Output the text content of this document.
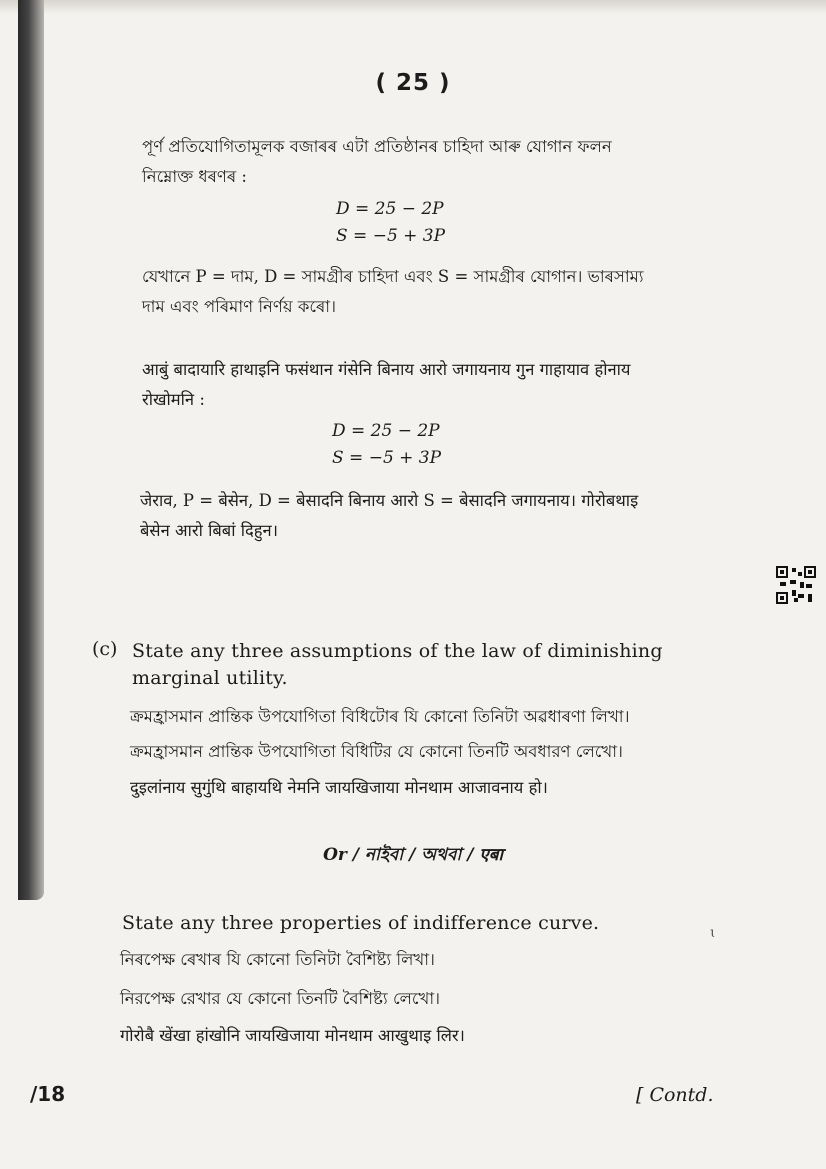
( 25 )
পূৰ্ণ প্ৰতিযোগিতামূলক বজাৰৰ এটা প্ৰতিষ্ঠানৰ চাহিদা আৰু যোগান ফলন
নিম্নোক্ত ধৰণৰ :
D = 25 − 2P
S = −5 + 3P
যেখানে P = দাম, D = সামগ্ৰীৰ চাহিদা এবং S = সামগ্ৰীৰ যোগান। ভাৰসাম্য
দাম এবং পৰিমাণ নিৰ্ণয় কৰো।
आबुं बादायारि हाथाइनि फसंथान गंसेनि बिनाय आरो जगायनाय गुन गाहायाव होनाय
रोखोमनि :
D = 25 − 2P
S = −5 + 3P
जेराव, P = बेसेन, D = बेसादनि बिनाय आरो S = बेसादनि जगायनाय। गोरोबथाइ
बेसेन आरो बिबां दिहुन।
(c) State any three assumptions of the law of diminishing
marginal utility.
ক্ৰমহ্ৰাসমান প্ৰান্তিক উপযোগিতা বিধিটোৰ যি কোনো তিনিটা অৱধাৰণা লিখা।
ক্রমহ্রাসমান প্রান্তিক উপযোগিতা বিধিটির যে কোনো তিনটি অবধারণ লেখো।
दुइलांनाय सुगुंथि बाहायथि नेमनि जायखिजाया मोनथाम आजावनाय हो।
Or / নাইবা / অথবা / एबा
State any three properties of indifference curve.
নিৰপেক্ষ ৰেখাৰ যি কোনো তিনিটা বৈশিষ্ট্য লিখা।
নিরপেক্ষ রেখার যে কোনো তিনটি বৈশিষ্ট্য লেখো।
गोरोबै खेंखा हांखोनि जायखिजाया मोनथाम आखुथाइ लिर।
ɩ
/18	[ Contd.
